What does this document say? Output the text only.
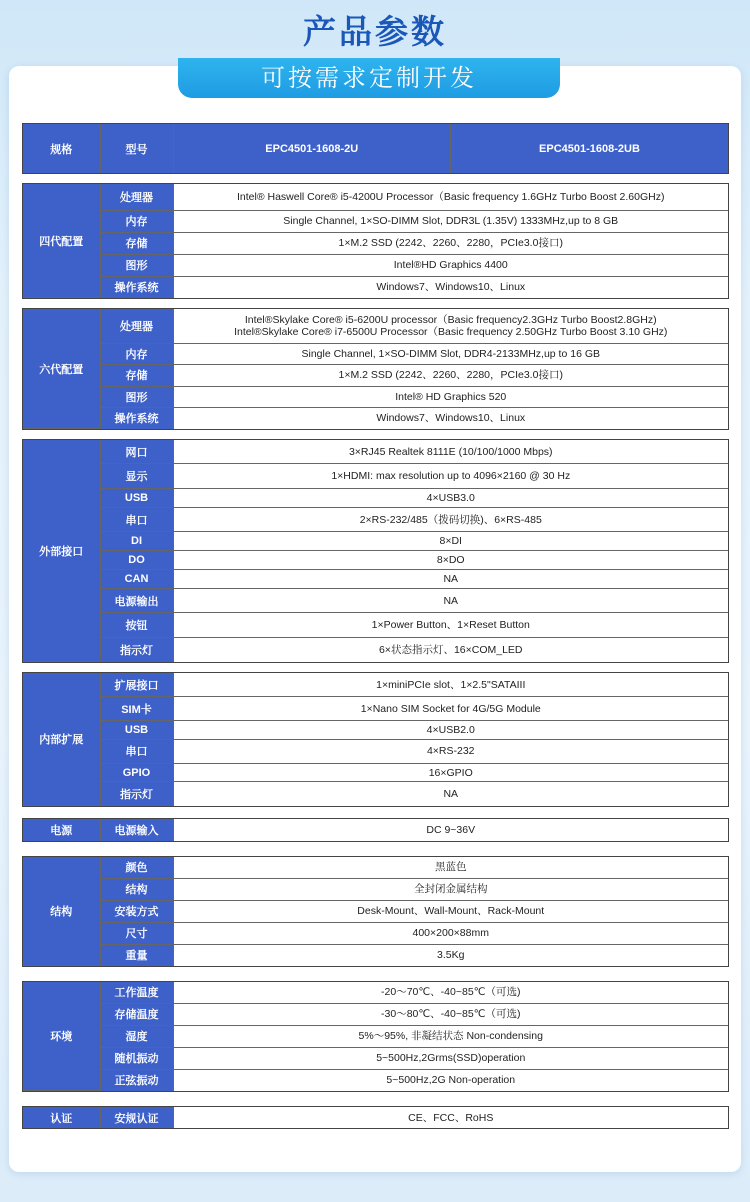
产品参数
可按需求定制开发
规格	型号	EPC4501-1608-2U	EPC4501-1608-2UB
四代配置	处理器	Intel® Haswell Core® i5-4200U Processor（Basic frequency 1.6GHz Turbo Boost 2.60GHz)
	内存	Single Channel, 1×SO-DIMM Slot, DDR3L (1.35V) 1333MHz,up to 8 GB
	存储	1×M.2 SSD (2242、2260、2280，PCIe3.0接口)
	图形	Intel®HD Graphics 4400
	操作系统	Windows7、Windows10、Linux
六代配置	处理器	Intel®Skylake Core® i5-6200U processor（Basic frequency2.3GHz Turbo Boost2.8GHz)
Intel®Skylake Core® i7-6500U Processor（Basic frequency 2.50GHz Turbo Boost 3.10 GHz)

	内存	Single Channel, 1×SO-DIMM Slot, DDR4-2133MHz,up to 16 GB
	存储	1×M.2 SSD (2242、2260、2280，PCIe3.0接口)
	图形	Intel® HD Graphics 520
	操作系统	Windows7、Windows10、Linux
外部接口	网口	3×RJ45 Realtek 8111E (10/100/1000 Mbps)
	显示	1×HDMI: max resolution up to 4096×2160 @ 30 Hz
	USB	4×USB3.0
	串口	2×RS-232/485（拨码切换)、6×RS-485
	DI	8×DI
	DO	8×DO
	CAN	NA
	电源输出	NA
	按钮	1×Power Button、1×Reset Button
	指示灯	6×状态指示灯、16×COM_LED
内部扩展	扩展接口	1×miniPCIe slot、1×2.5"SATAIII
	SIM卡	1×Nano SIM Socket for 4G/5G Module
	USB	4×USB2.0
	串口	4×RS-232
	GPIO	16×GPIO
	指示灯	NA
电源	电源输入	DC 9~36V
结构	颜色	黑蓝色
	结构	全封闭金属结构
	安装方式	Desk-Mount、Wall-Mount、Rack-Mount
	尺寸	400×200×88mm
	重量	3.5Kg
环境	工作温度	-20～70℃、-40~85℃（可选)
	存储温度	-30～80℃、-40~85℃（可选)
	湿度	5%～95%, 非凝结状态 Non-condensing
	随机振动	5~500Hz,2Grms(SSD)operation
	正弦振动	5~500Hz,2G Non-operation
认证	安规认证	CE、FCC、RoHS
